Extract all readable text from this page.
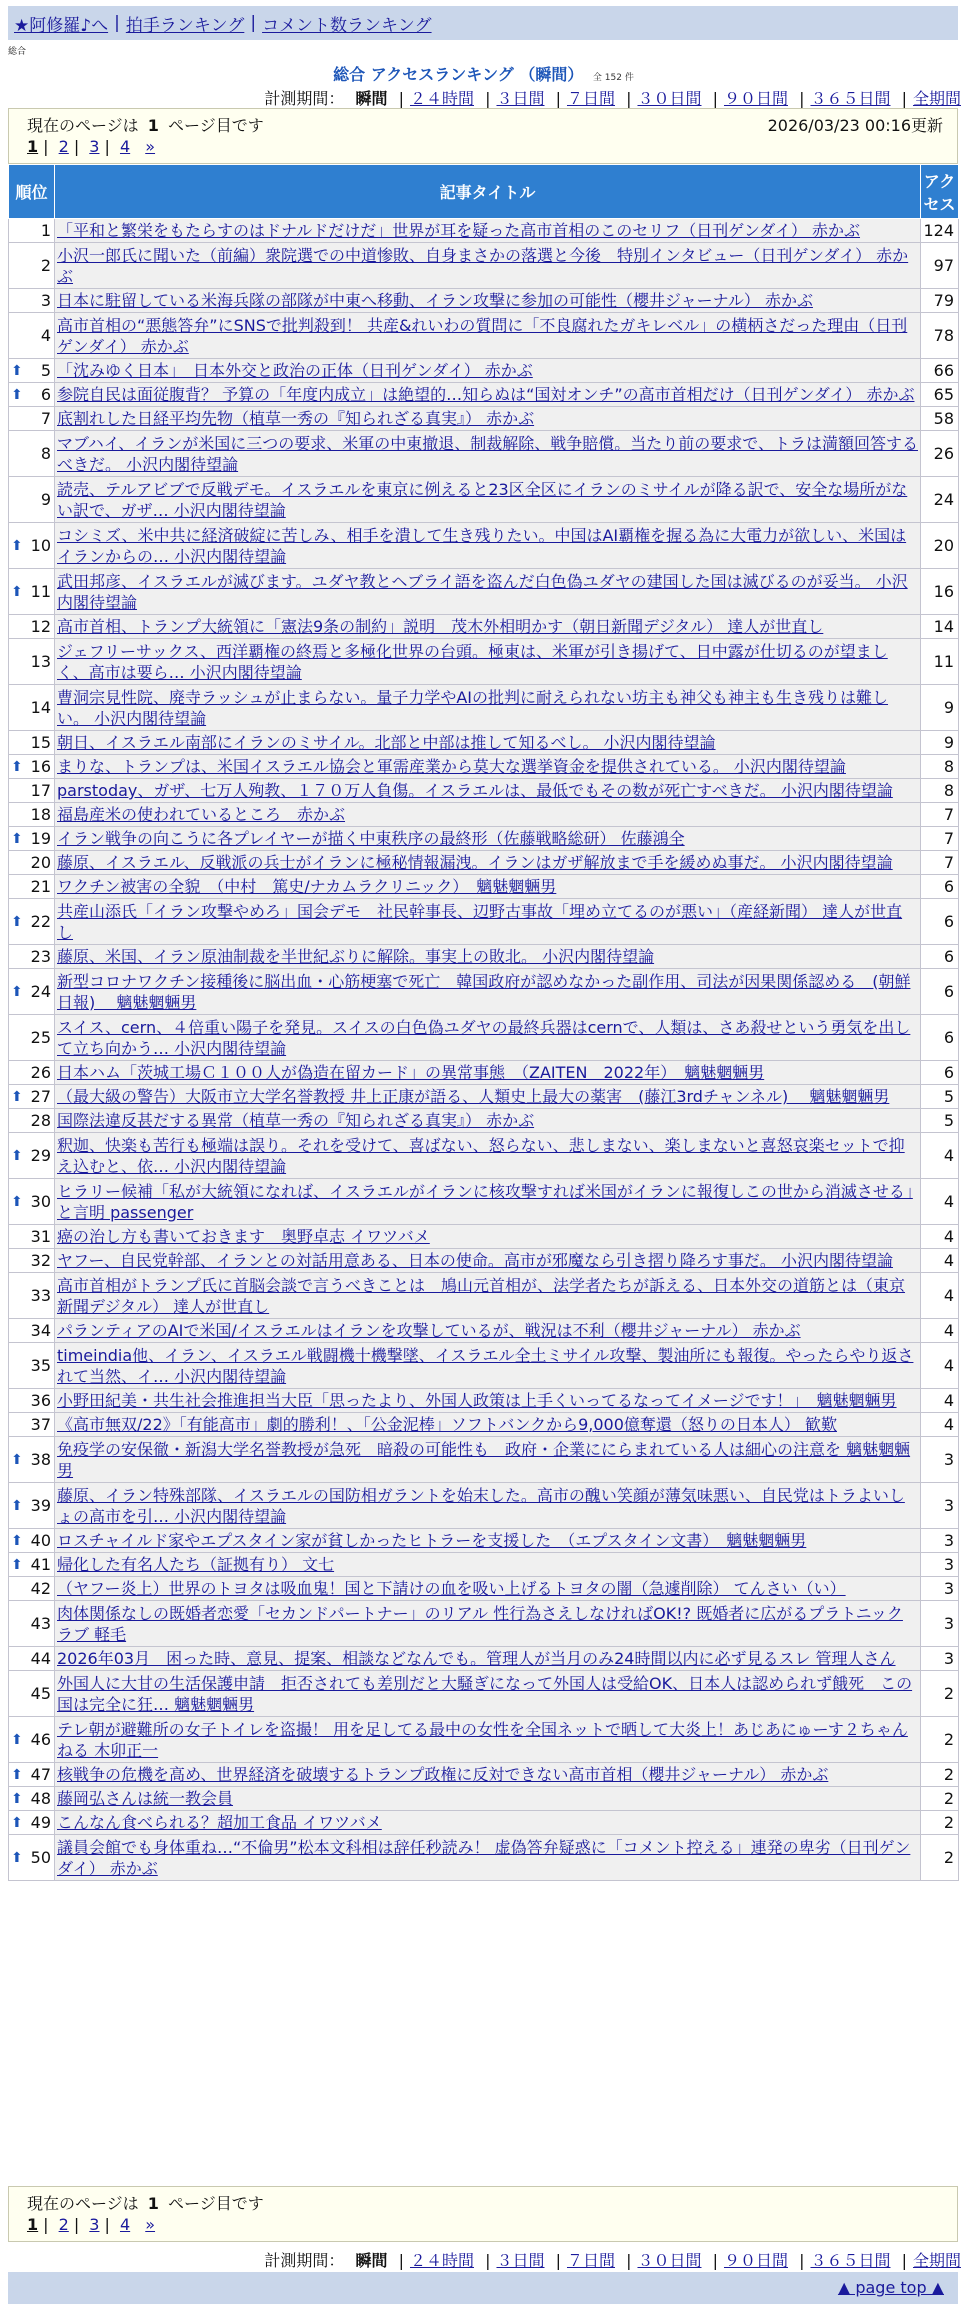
★阿修羅♪へ | 拍手ランキング | コメント数ランキング
総合
総合 アクセスランキング （瞬間） 全 152 件
計測期間： 瞬間 | ２４時間 | ３日間 | ７日間 | ３０日間 | ９０日間 | ３６５日間 | 全期間
現在のページは 1 ページ目です	2026/03/23 00:16更新
1 | 2 | 3 | 4 »
順位	記事タイトル	アクセス
1	「平和と繁栄をもたらすのはドナルドだけだ」世界が耳を疑った高市首相のこのセリフ（日刊ゲンダイ） 赤かぶ	124
2	小沢一郎氏に聞いた（前編）衆院選での中道惨敗、自身まさかの落選と今後　特別インタビュー（日刊ゲンダイ） 赤かぶ	97
3	日本に駐留している米海兵隊の部隊が中東へ移動、イラン攻撃に参加の可能性（櫻井ジャーナル） 赤かぶ	79
4	高市首相の“悪態答弁”にSNSで批判殺到！ 共産&れいわの質問に「不良腐れたガキレベル」の横柄さだった理由（日刊ゲンダイ） 赤かぶ	78

⬆ 5	「沈みゆく日本」　日本外交と政治の正体（日刊ゲンダイ） 赤かぶ	66

⬆ 6	参院自民は面従腹背？ 予算の「年度内成立」は絶望的…知らぬは“国対オンチ”の高市首相だけ（日刊ゲンダイ） 赤かぶ	65
7	底割れした日経平均先物（植草一秀の『知られざる真実』） 赤かぶ	58
8	マブハイ、イランが米国に三つの要求、米軍の中東撤退、制裁解除、戦争賠償。当たり前の要求で、トラは満額回答するべきだ。 小沢内閣待望論	26
9	読売、テルアビブで反戦デモ。イスラエルを東京に例えると23区全区にイランのミサイルが降る訳で、安全な場所がない訳で、ガザ… 小沢内閣待望論	24

⬆ 10	コシミズ、米中共に経済破綻に苦しみ、相手を潰して生き残りたい。中国はAI覇権を握る為に大電力が欲しい、米国はイランからの… 小沢内閣待望論	20

⬆ 11	武田邦彦、イスラエルが滅びます。ユダヤ教とヘブライ語を盗んだ白色偽ユダヤの建国した国は滅びるのが妥当。 小沢内閣待望論	16
12	高市首相、トランプ大統領に「憲法9条の制約」説明　茂木外相明かす（朝日新聞デジタル） 達人が世直し	14
13	ジェフリーサックス、西洋覇権の終焉と多極化世界の台頭。極東は、米軍が引き揚げて、日中露が仕切るのが望ましく、高市は要ら… 小沢内閣待望論	11
14	曹洞宗見性院、廃寺ラッシュが止まらない。量子力学やAIの批判に耐えられない坊主も神父も神主も生き残りは難しい。 小沢内閣待望論	9
15	朝日、イスラエル南部にイランのミサイル。北部と中部は推して知るべし。 小沢内閣待望論	9

⬆ 16	まりな、トランプは、米国イスラエル協会と軍需産業から莫大な選挙資金を提供されている。 小沢内閣待望論	8
17	parstoday、ガザ、七万人殉教、１７０万人負傷。イスラエルは、最低でもその数が死亡すべきだ。 小沢内閣待望論	8
18	福島産米の使われているところ　赤かぶ	7

⬆ 19	イラン戦争の向こうに各プレイヤーが描く中東秩序の最終形（佐藤戦略総研） 佐藤鴻全	7
20	藤原、イスラエル、反戦派の兵士がイランに極秘情報漏洩。イランはガザ解放まで手を緩めぬ事だ。 小沢内閣待望論	7
21	ワクチン被害の全貌　（中村　篤史/ナカムラクリニック）　魑魅魍魎男	6

⬆ 22	共産山添氏「イラン攻撃やめろ」国会デモ　社民幹事長、辺野古事故「埋め立てるのが悪い」（産経新聞） 達人が世直し	6
23	藤原、米国、イラン原油制裁を半世紀ぶりに解除。事実上の敗北。 小沢内閣待望論	6

⬆ 24	新型コロナワクチン接種後に脳出血・心筋梗塞で死亡　韓国政府が認めなかった副作用、司法が因果関係認める　(朝鮮日報)　 魑魅魍魎男	6
25	スイス、cern、４倍重い陽子を発見。スイスの白色偽ユダヤの最終兵器はcernで、人類は、さあ殺せという勇気を出して立ち向かう… 小沢内閣待望論	6
26	日本ハム「茨城工場Ｃ１００人が偽造在留カード」の異常事態　（ZAITEN　2022年）　魑魅魍魎男	6

⬆ 27	（最大級の警告）大阪市立大学名誉教授 井上正康が語る、人類史上最大の薬害　(藤江3rdチャンネル)　 魑魅魍魎男	5
28	国際法違反甚だする異常（植草一秀の『知られざる真実』） 赤かぶ	5

⬆ 29	釈迦、快楽も苦行も極端は誤り。それを受けて、喜ばない、怒らない、悲しまない、楽しまないと喜怒哀楽セットで抑え込むと、依… 小沢内閣待望論	4

⬆ 30	ヒラリー候補「私が大統領になれば、イスラエルがイランに核攻撃すれば米国がイランに報復しこの世から消滅させる」と言明 passenger	4
31	癌の治し方も書いておきます　奥野卓志 イワツバメ	4
32	ヤフー、自民党幹部、イランとの対話用意ある、日本の使命。高市が邪魔なら引き摺り降ろす事だ。 小沢内閣待望論	4
33	高市首相がトランプ氏に首脳会談で言うべきことは　鳩山元首相が、法学者たちが訴える、日本外交の道筋とは（東京新聞デジタル） 達人が世直し	4
34	パランティアのAIで米国/イスラエルはイランを攻撃しているが、戦況は不利（櫻井ジャーナル） 赤かぶ	4
35	timeindia他、イラン、イスラエル戦闘機十機撃墜、イスラエル全土ミサイル攻撃、製油所にも報復。やったらやり返されて当然、イ… 小沢内閣待望論	4
36	小野田紀美・共生社会推進担当大臣「思ったより、外国人政策は上手くいってるなってイメージです！」　魑魅魍魎男	4
37	《高市無双/22》「有能高市」劇的勝利！、「公金泥棒」ソフトバンクから9,000億奪還（怒りの日本人） 歓歎	4

⬆ 38	免疫学の安保徹・新潟大学名誉教授が急死　暗殺の可能性も　政府・企業ににらまれている人は細心の注意を 魑魅魍魎男	3

⬆ 39	藤原、イラン特殊部隊、イスラエルの国防相ガラントを始末した。高市の醜い笑顔が薄気味悪い、自民党はトラよいしょの高市を引… 小沢内閣待望論	3

⬆ 40	ロスチャイルド家やエプスタイン家が貧しかったヒトラーを支援した　（エプスタイン文書）　魑魅魍魎男	3

⬆ 41	帰化した有名人たち（証拠有り） 文七	3
42	（ヤフー炎上）世界のトヨタは吸血鬼！国と下請けの血を吸い上げるトヨタの闇（急遽削除） てんさい（い）	3
43	肉体関係なしの既婚者恋愛「セカンドパートナー」のリアル 性行為さえしなければOK!? 既婚者に広がるプラトニックラブ 軽毛	3
44	2026年03月　困った時、意見、提案、相談などなんでも。管理人が当月のみ24時間以内に必ず見るスレ 管理人さん	3
45	外国人に大甘の生活保護申請　拒否されても差別だと大騒ぎになって外国人は受給OK、日本人は認められず餓死　この国は完全に狂… 魑魅魍魎男	2

⬆ 46	テレ朝が避難所の女子トイレを盗撮！ 用を足してる最中の女性を全国ネットで晒して大炎上！あじあにゅーす２ちゃんねる 木卯正一	2

⬆ 47	核戦争の危機を高め、世界経済を破壊するトランプ政権に反対できない高市首相（櫻井ジャーナル） 赤かぶ	2

⬆ 48	藤岡弘さんは統一教会員	2

⬆ 49	こんなん食べられる？超加工食品 イワツバメ	2

⬆ 50	議員会館でも身体重ね…“不倫男”松本文科相は辞任秒読み！ 虚偽答弁疑惑に「コメント控える」連発の卑劣（日刊ゲンダイ） 赤かぶ	2
現在のページは 1 ページ目です
1 | 2 | 3 | 4 »
計測期間： 瞬間 | ２４時間 | ３日間 | ７日間 | ３０日間 | ９０日間 | ３６５日間 | 全期間
▲ page top ▲
